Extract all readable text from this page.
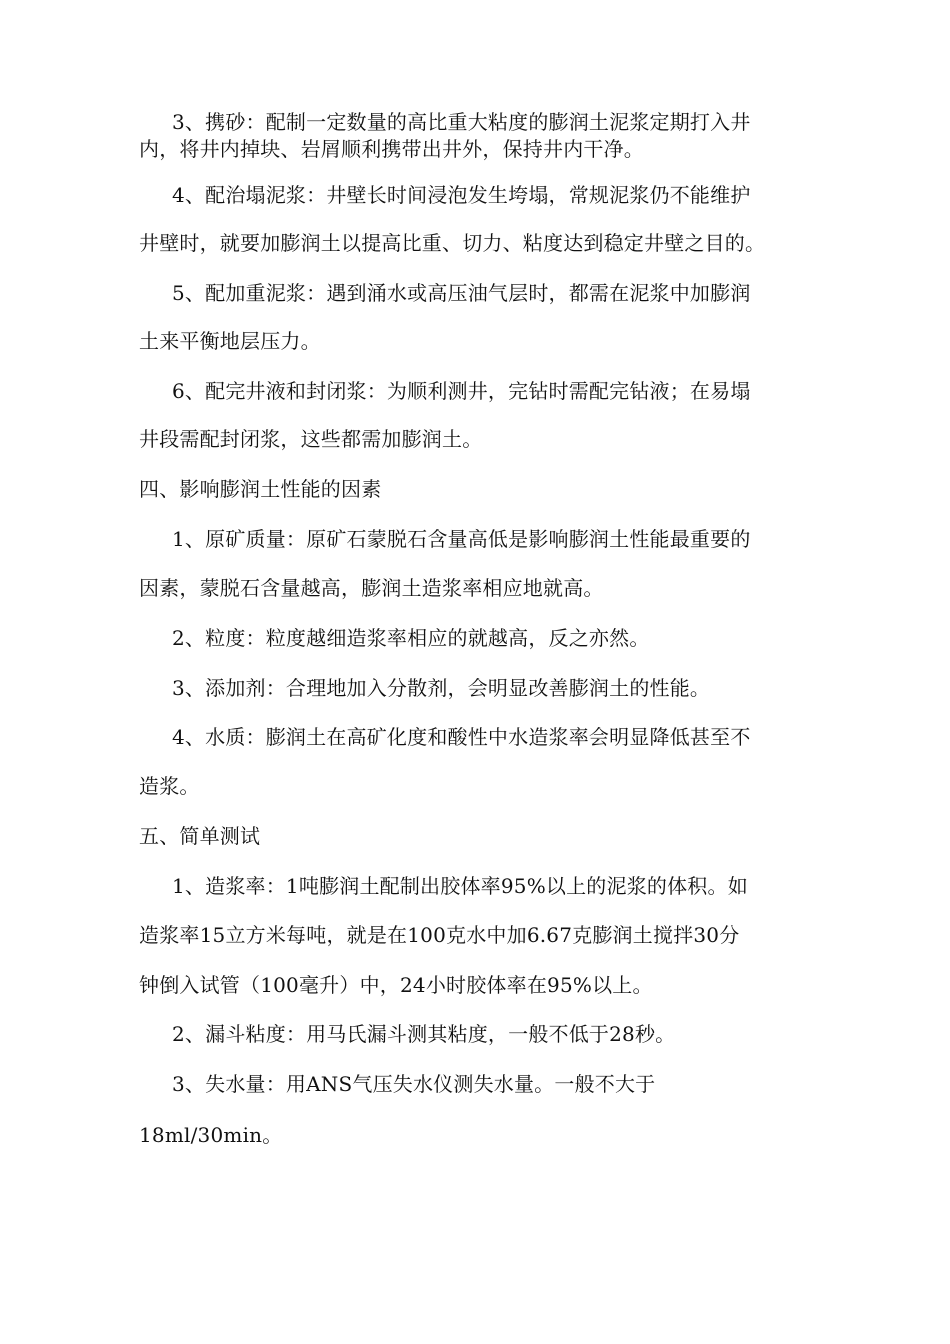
3、携砂：配制一定数量的高比重大粘度的膨润土泥浆定期打入井
内，将井内掉块、岩屑顺利携带出井外，保持井内干净。
4、配治塌泥浆：井壁长时间浸泡发生垮塌，常规泥浆仍不能维护
井壁时，就要加膨润土以提高比重、切力、粘度达到稳定井壁之目的。
5、配加重泥浆：遇到涌水或高压油气层时，都需在泥浆中加膨润
土来平衡地层压力。
6、配完井液和封闭浆：为顺利测井，完钻时需配完钻液；在易塌
井段需配封闭浆，这些都需加膨润土。
四、影响膨润土性能的因素
1、原矿质量：原矿石蒙脱石含量高低是影响膨润土性能最重要的
因素，蒙脱石含量越高，膨润土造浆率相应地就高。
2、粒度：粒度越细造浆率相应的就越高，反之亦然。
3、添加剂：合理地加入分散剂，会明显改善膨润土的性能。
4、水质：膨润土在高矿化度和酸性中水造浆率会明显降低甚至不
造浆。
五、简单测试
1、造浆率：1吨膨润土配制出胶体率95%以上的泥浆的体积。如
造浆率15立方米每吨，就是在100克水中加6.67克膨润土搅拌30分
钟倒入试管（100毫升）中，24小时胶体率在95%以上。
2、漏斗粘度：用马氏漏斗测其粘度，一般不低于28秒。
3、失水量：用ANS气压失水仪测失水量。一般不大于
18ml/30min。
